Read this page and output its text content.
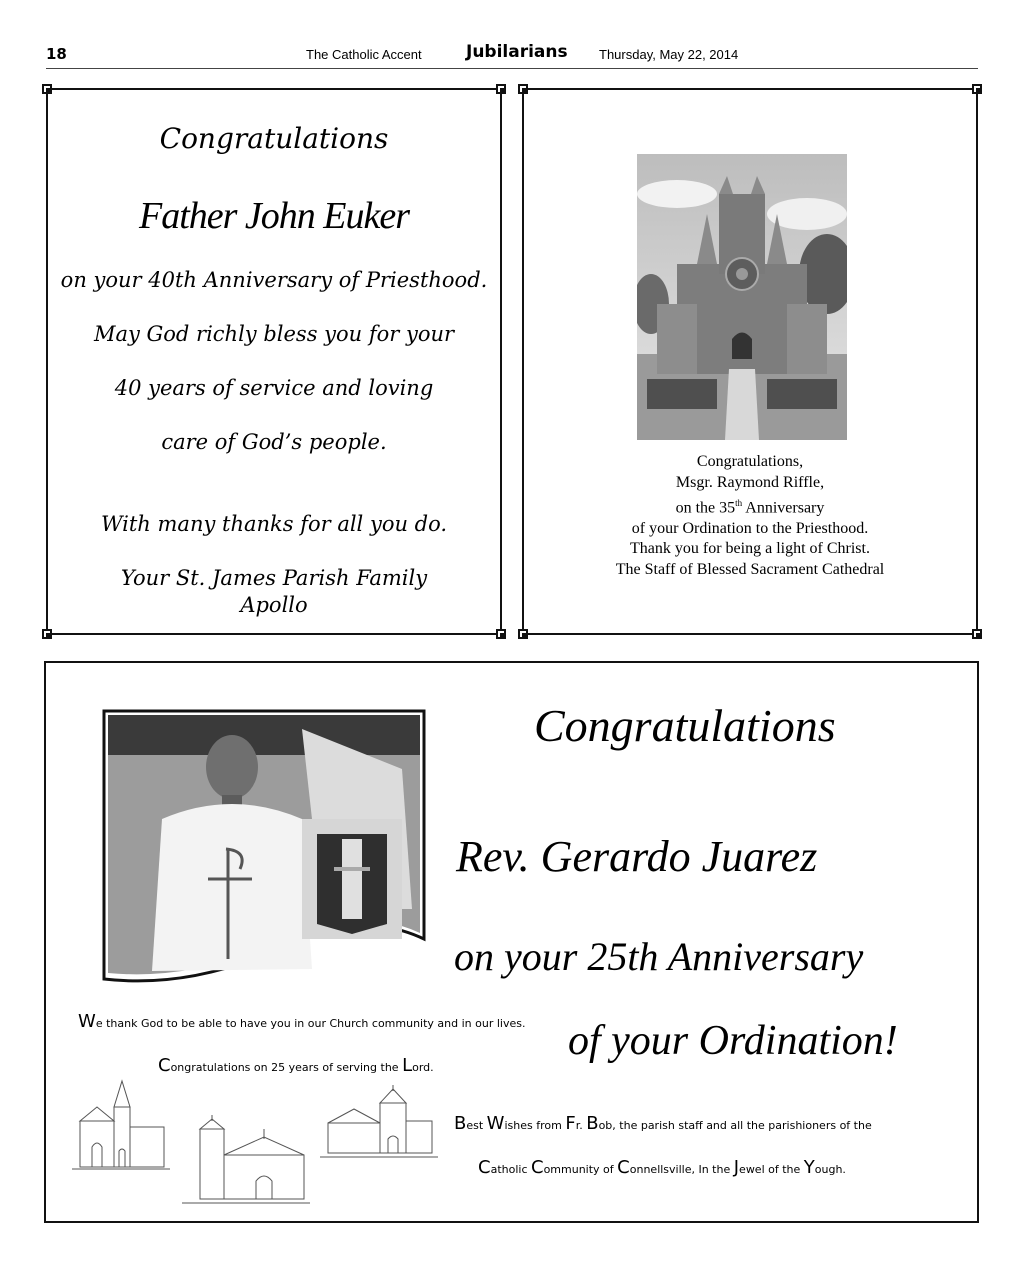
18	The Catholic Accent	Jubilarians Thursday, May 22, 2014
Congratulations
Father John Euker
on your 40th Anniversary of Priesthood.
May God richly bless you for your
40 years of service and loving
care of God’s people.
With many thanks for all you do.
Your St. James Parish Family
Apollo
Congratulations,
Msgr. Raymond Riffle,
on the 35th Anniversary
of your Ordination to the Priesthood.
Thank you for being a light of Christ.
The Staff of Blessed Sacrament Cathedral
Congratulations
Rev. Gerardo Juarez
on your 25th Anniversary
of your Ordination!
We thank God to be able to have you in our Church community and in our lives.
Congratulations on 25 years of serving the Lord.
Best Wishes from Fr. Bob, the parish staff and all the parishioners of the
Catholic Community of Connellsville, In the Jewel of the Yough.
